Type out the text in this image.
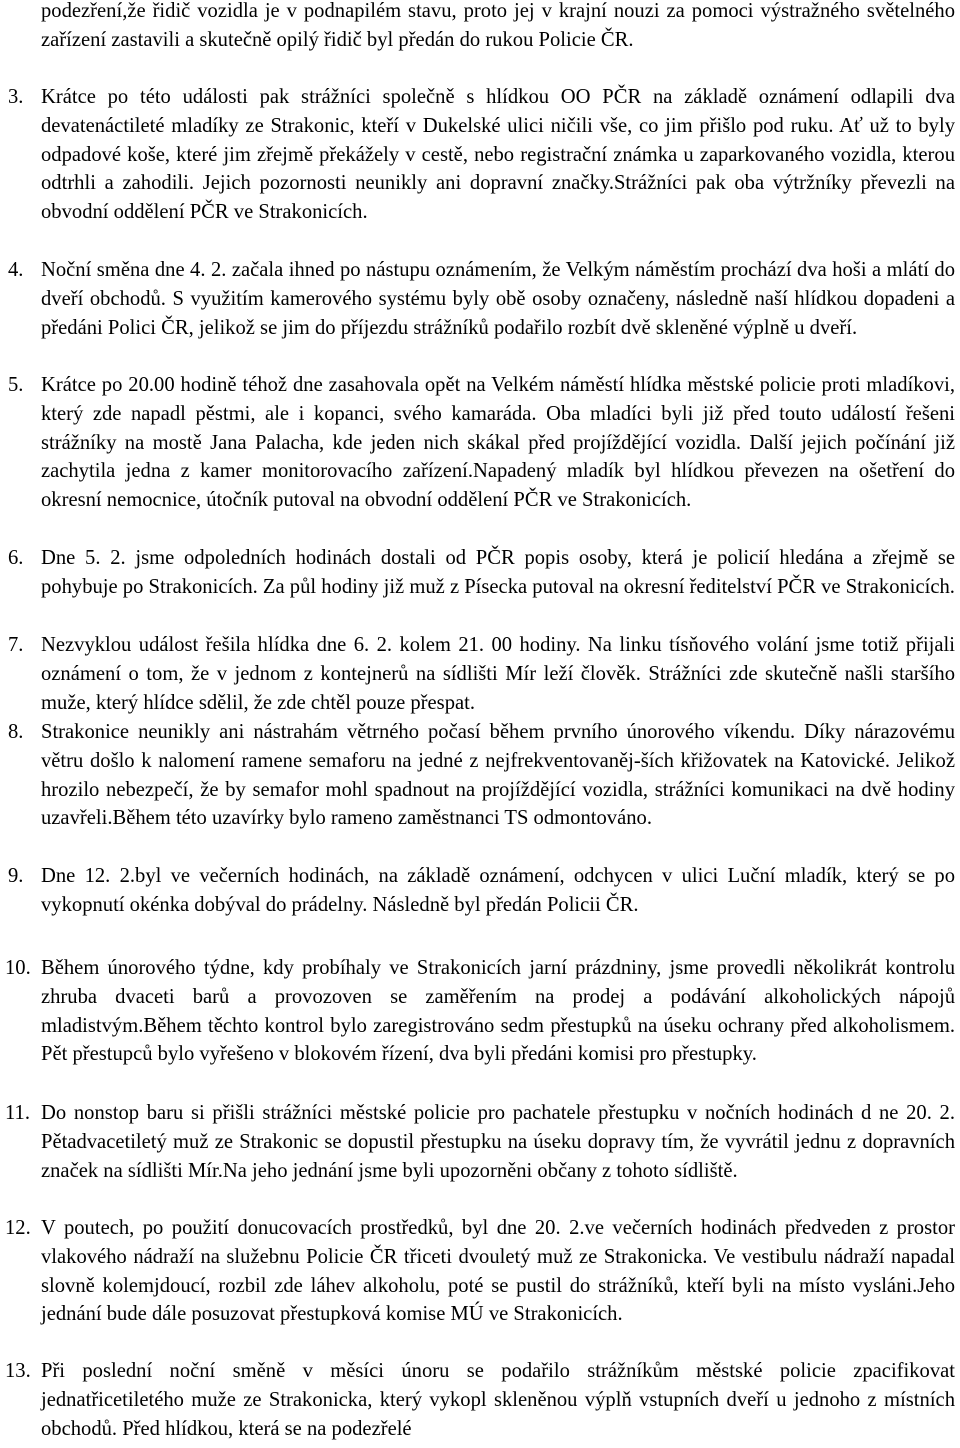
podezření,že řidič vozidla je v podnapilém stavu, proto jej v krajní nouzi za pomoci výstražného světelného zařízení zastavili a skutečně opilý řidič byl předán do rukou Policie ČR.

3. Krátce po této události pak strážníci společně s hlídkou OO PČR na základě oznámení odlapili dva devatenáctileté mladíky ze Strakonic, kteří v Dukelské ulici ničili vše, co jim přišlo pod ruku. Ať už to byly odpadové koše, které jim zřejmě překážely v cestě, nebo registrační známka u zaparkovaného vozidla, kterou odtrhli a zahodili. Jejich pozornosti neunikly ani dopravní značky.Strážníci pak oba výtržníky převezli na obvodní oddělení PČR ve Strakonicích.

4. Noční směna dne 4. 2. začala ihned po nástupu oznámením, že Velkým náměstím prochází dva hoši a mlátí do dveří obchodů. S využitím kamerového systému byly obě osoby označeny, následně naší hlídkou dopadeni a předáni Polici ČR, jelikož se jim do příjezdu strážníků podařilo rozbít dvě skleněné výplně u dveří.

5. Krátce po 20.00 hodině téhož dne zasahovala opět na Velkém náměstí hlídka městské policie proti mladíkovi, který zde napadl pěstmi, ale i kopanci, svého kamaráda. Oba mladíci byli již před touto událostí řešeni strážníky na mostě Jana Palacha, kde jeden nich skákal před projíždějící vozidla. Další jejich počínání již zachytila jedna z kamer monitorovacího zařízení.Napadený mladík byl hlídkou převezen na ošetření do okresní nemocnice, útočník putoval na obvodní oddělení PČR ve Strakonicích.

6. Dne 5. 2. jsme odpoledních hodinách dostali od PČR popis osoby, která je policií hledána a zřejmě se pohybuje po Strakonicích. Za půl hodiny již muž z Písecka putoval na okresní ředitelství PČR ve Strakonicích.

7. Nezvyklou událost řešila hlídka dne 6. 2. kolem 21. 00 hodiny. Na linku tísňového volání jsme totiž přijali oznámení o tom, že v jednom z kontejnerů na sídlišti Mír leží člověk. Strážníci zde skutečně našli staršího muže, který hlídce sdělil, že zde chtěl pouze přespat.

8. Strakonice neunikly ani nástrahám větrného počasí během prvního únorového víkendu. Díky nárazovému větru došlo k nalomení ramene semaforu na jedné z nejfrekventovaněj-ších křižovatek na Katovické. Jelikož hrozilo nebezpečí, že by semafor mohl spadnout na projíždějící vozidla, strážníci komunikaci na dvě hodiny uzavřeli.Během této uzavírky bylo rameno zaměstnanci TS odmontováno.

9. Dne 12. 2.byl ve večerních hodinách, na základě oznámení, odchycen v ulici Luční mladík, který se po vykopnutí okénka dobýval do prádelny. Následně byl předán Policii ČR.

10. Během únorového týdne, kdy probíhaly ve Strakonicích jarní prázdniny, jsme provedli několikrát kontrolu zhruba dvaceti barů a provozoven se zaměřením na prodej a podávání alkoholických nápojů mladistvým.Během těchto kontrol bylo zaregistrováno sedm přestupků na úseku ochrany před alkoholismem. Pět přestupců bylo vyřešeno v blokovém řízení, dva byli předáni komisi pro přestupky.

11. Do nonstop baru si přišli strážníci městské policie pro pachatele přestupku v nočních hodinách d ne 20. 2. Pětadvacetiletý muž ze Strakonic se dopustil přestupku na úseku dopravy tím, že vyvrátil jednu z dopravních značek na sídlišti Mír.Na jeho jednání jsme byli upozorněni občany z tohoto sídliště.

12. V poutech, po použití donucovacích prostředků, byl dne 20. 2.ve večerních hodinách předveden z prostor vlakového nádraží na služebnu Policie ČR třiceti dvouletý muž ze Strakonicka. Ve vestibulu nádraží napadal slovně kolemjdoucí, rozbil zde láhev alkoholu, poté se pustil do strážníků, kteří byli na místo vysláni.Jeho jednání bude dále posuzovat přestupková komise MÚ ve Strakonicích.

13. Při poslední noční směně v měsíci únoru se podařilo strážníkům městské policie zpacifikovat jednatřicetiletého muže ze Strakonicka, který vykopl skleněnou výplň vstupních dveří u jednoho z místních obchodů. Před hlídkou, která se na podezřelé
